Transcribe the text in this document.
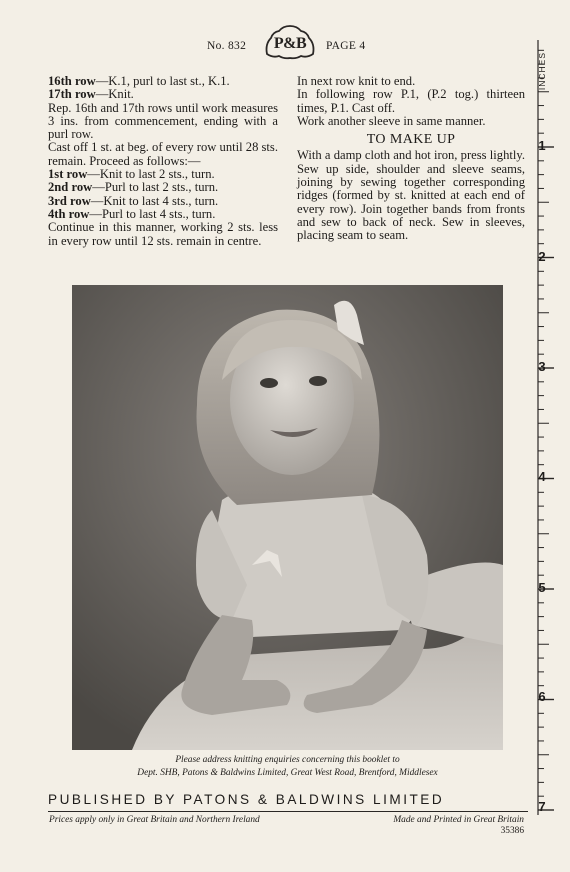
No. 832	P&B	PAGE 4

16th row—K.1, purl to last st., K.1.

17th row—Knit.

Rep. 16th and 17th rows until work measures 3 ins. from commencement, ending with a purl row.

Cast off 1 st. at beg. of every row until 28 sts. remain. Proceed as follows:—

1st row—Knit to last 2 sts., turn.

2nd row—Purl to last 2 sts., turn.

3rd row—Knit to last 4 sts., turn.

4th row—Purl to last 4 sts., turn.

Continue in this manner, working 2 sts. less in every row until 12 sts. remain in centre.

In next row knit to end.

In following row P.1, (P.2 tog.) thirteen times, P.1. Cast off.

Work another sleeve in same manner.

TO MAKE UP

With a damp cloth and hot iron, press lightly. Sew up side, shoulder and sleeve seams, joining by sewing together corresponding ridges (formed by st. knitted at each end of every row). Join together bands from fronts and sew to back of neck. Sew in sleeves, placing seam to seam.

Please address knitting enquiries concerning this booklet to
Dept. SHB, Patons & Baldwins Limited, Great West Road, Brentford, Middlesex
PUBLISHED BY PATONS & BALDWINS LIMITED
Prices apply only in Great Britain and Northern Ireland	Made and Printed in Great Britain
35386
INCHES
1
2
3
4
5
6
7
